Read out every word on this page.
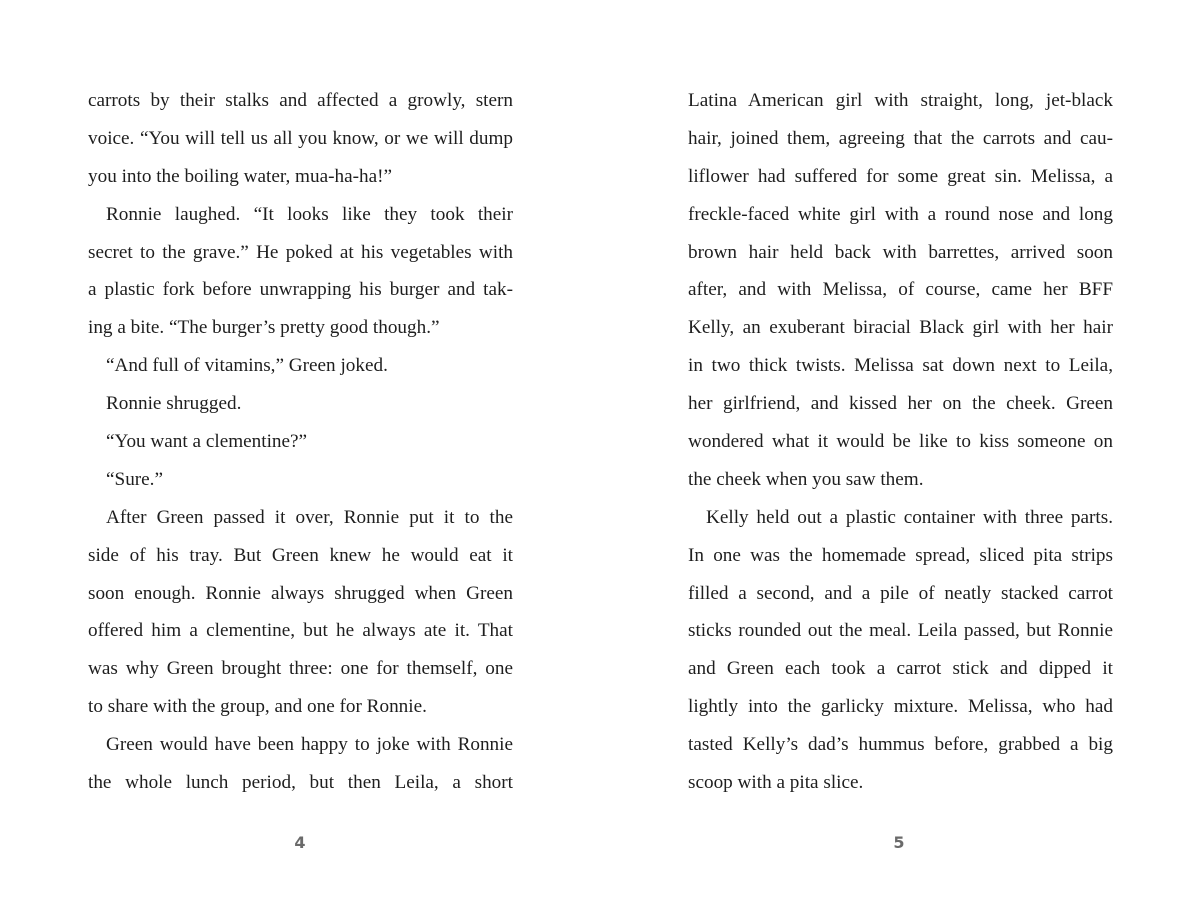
carrots by their stalks and affected a growly, stern
voice. “You will tell us all you know, or we will dump
you into the boiling water, mua-ha-ha!”
Ronnie laughed. “It looks like they took their
secret to the grave.” He poked at his vegetables with
a plastic fork before unwrapping his burger and tak-
ing a bite. “The burger’s pretty good though.”
“And full of vitamins,” Green joked.
Ronnie shrugged.
“You want a clementine?”
“Sure.”
After Green passed it over, Ronnie put it to the
side of his tray. But Green knew he would eat it
soon enough. Ronnie always shrugged when Green
offered him a clementine, but he always ate it. That
was why Green brought three: one for themself, one
to share with the group, and one for Ronnie.
Green would have been happy to joke with Ronnie
the whole lunch period, but then Leila, a short
4
Latina American girl with straight, long, jet-black
hair, joined them, agreeing that the carrots and cau-
liflower had suffered for some great sin. Melissa, a
freckle-faced white girl with a round nose and long
brown hair held back with barrettes, arrived soon
after, and with Melissa, of course, came her BFF
Kelly, an exuberant biracial Black girl with her hair
in two thick twists. Melissa sat down next to Leila,
her girlfriend, and kissed her on the cheek. Green
wondered what it would be like to kiss someone on
the cheek when you saw them.
Kelly held out a plastic container with three parts.
In one was the homemade spread, sliced pita strips
filled a second, and a pile of neatly stacked carrot
sticks rounded out the meal. Leila passed, but Ronnie
and Green each took a carrot stick and dipped it
lightly into the garlicky mixture. Melissa, who had
tasted Kelly’s dad’s hummus before, grabbed a big
scoop with a pita slice.
5
